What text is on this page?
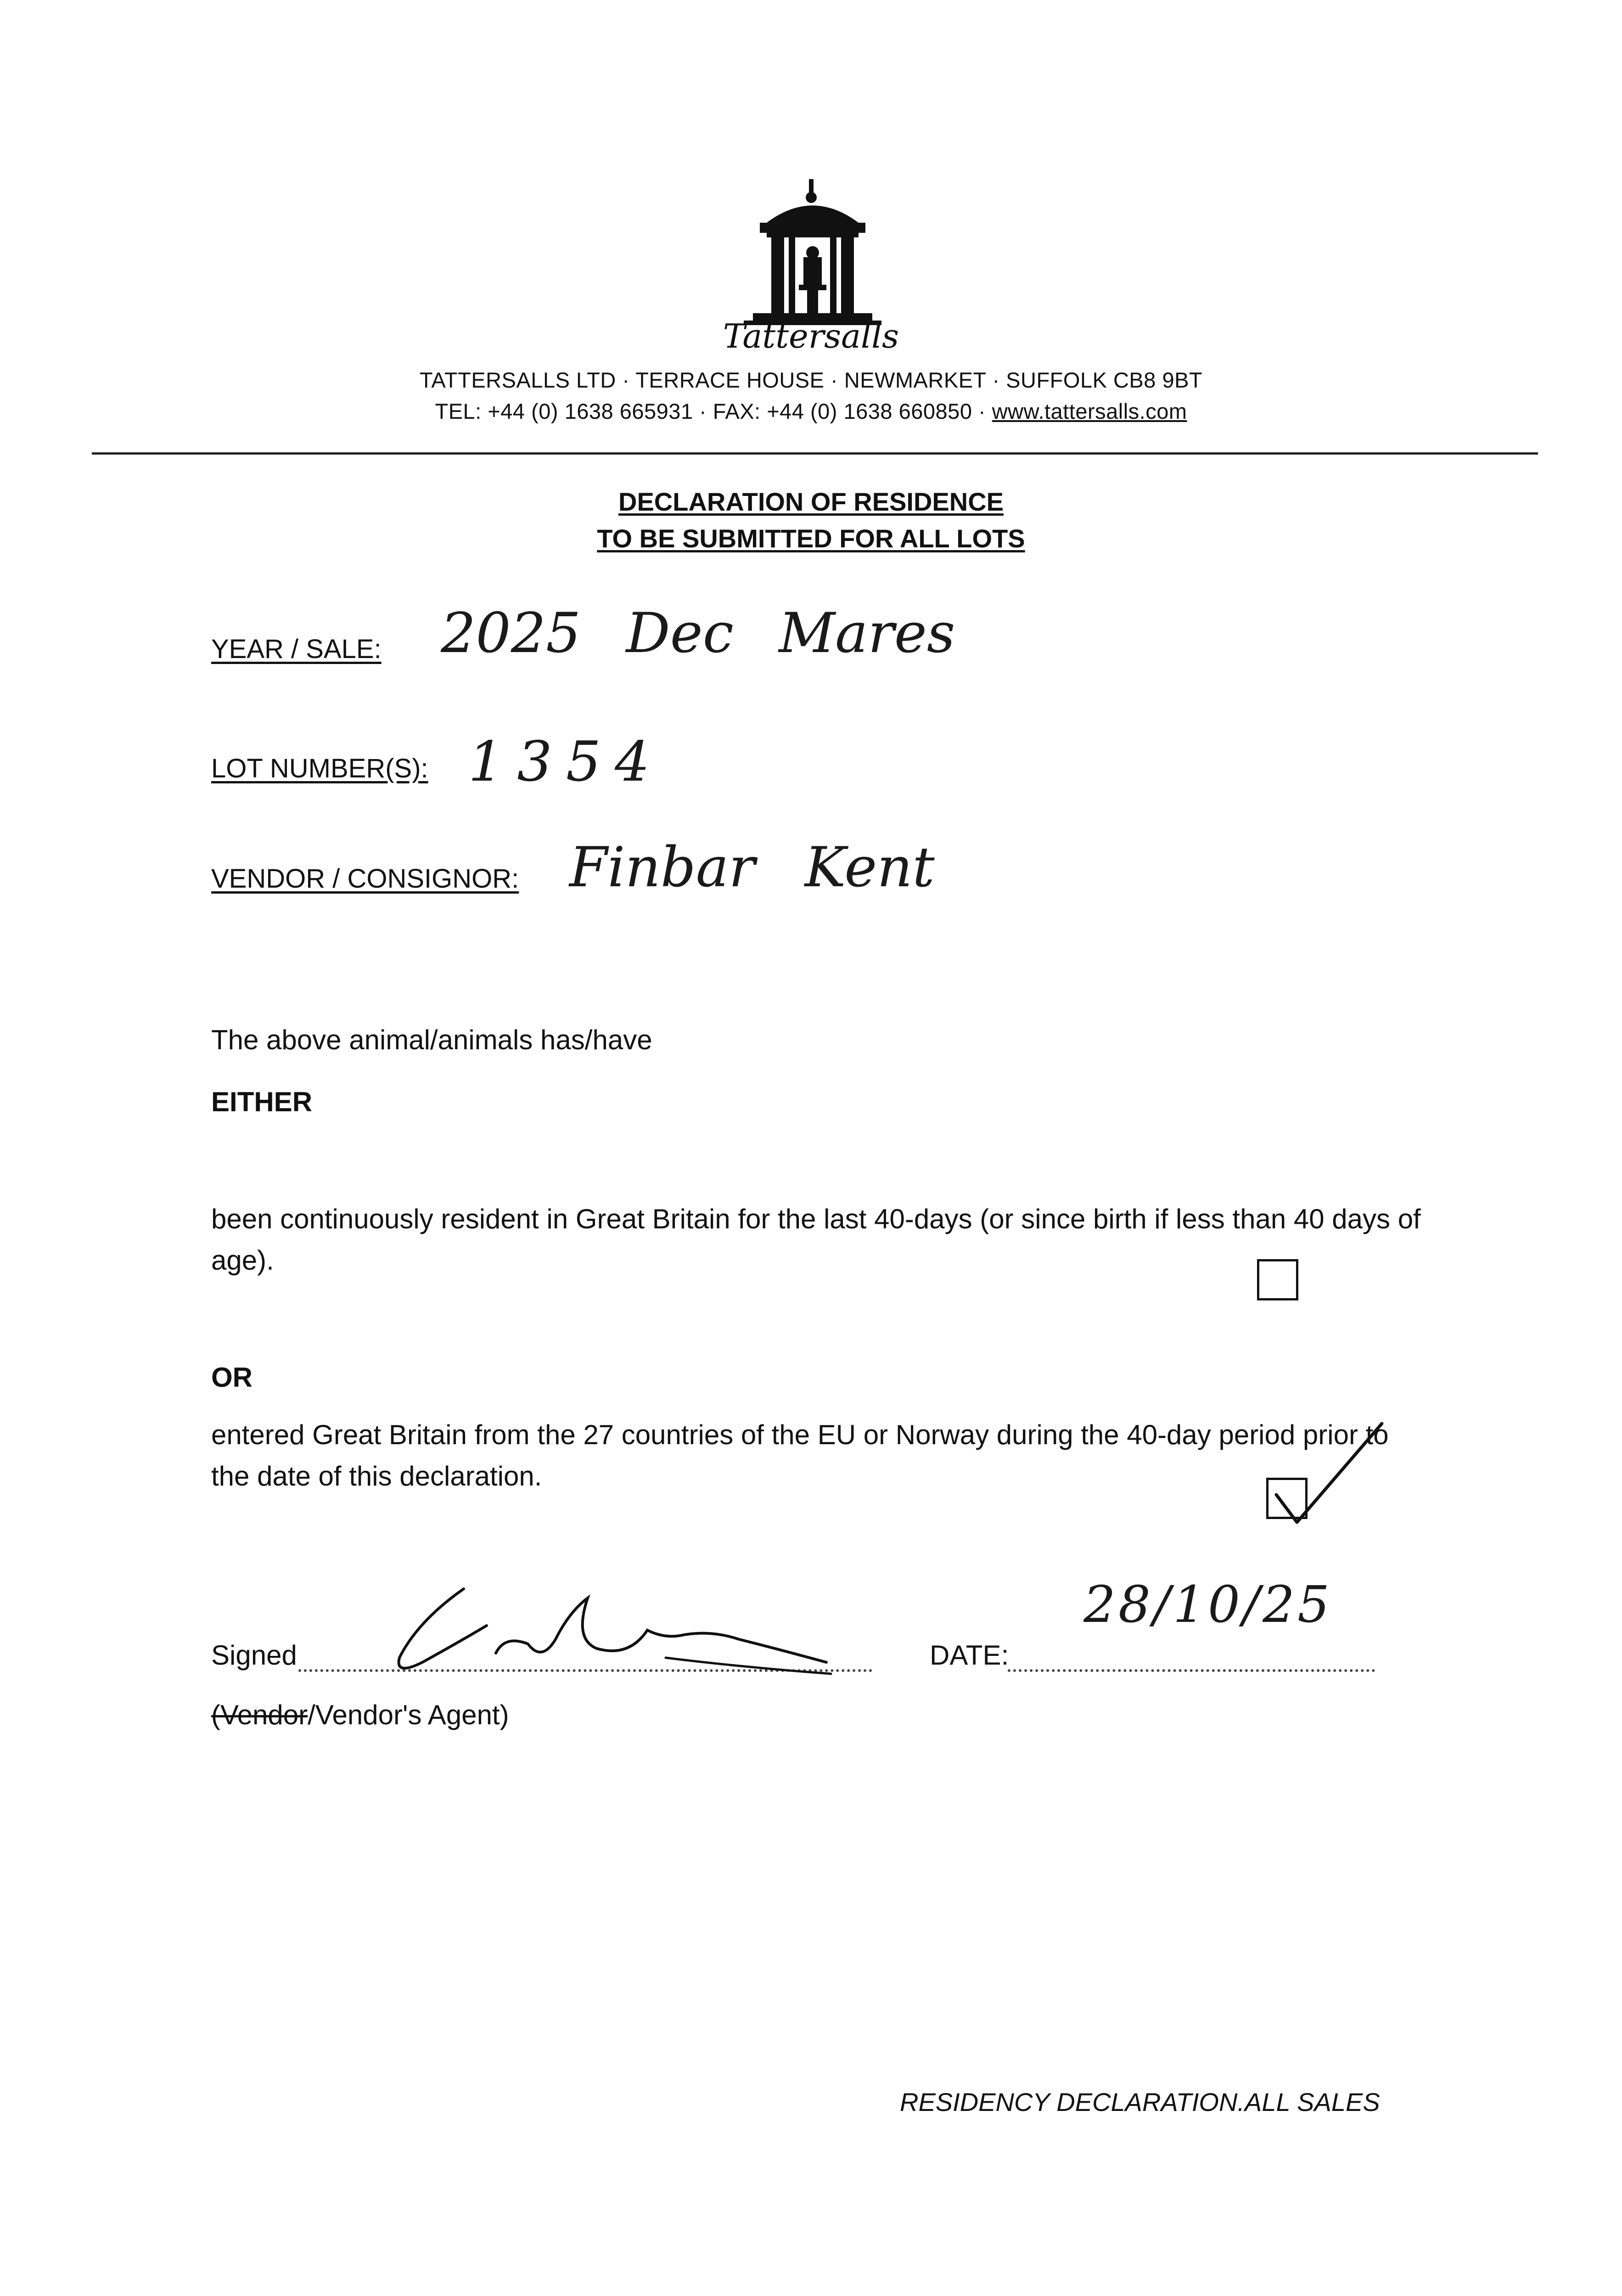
Tattersalls
TATTERSALLS LTD · TERRACE HOUSE · NEWMARKET · SUFFOLK CB8 9BT
TEL: +44 (0) 1638 665931 · FAX: +44 (0) 1638 660850 · www.tattersalls.com
DECLARATION OF RESIDENCE
TO BE SUBMITTED FOR ALL LOTS
YEAR / SALE: 2025 Dec Mares
LOT NUMBER(S): 1354
VENDOR / CONSIGNOR: Finbar Kent
The above animal/animals has/have
EITHER
been continuously resident in Great Britain for the last 40-days (or since birth if less than 40 days of age).
OR
entered Great Britain from the 27 countries of the EU or Norway during the 40-day period prior to the date of this declaration.
Signed	DATE:
28/10/25
(Vendor/Vendor's Agent)
RESIDENCY DECLARATION.ALL SALES
